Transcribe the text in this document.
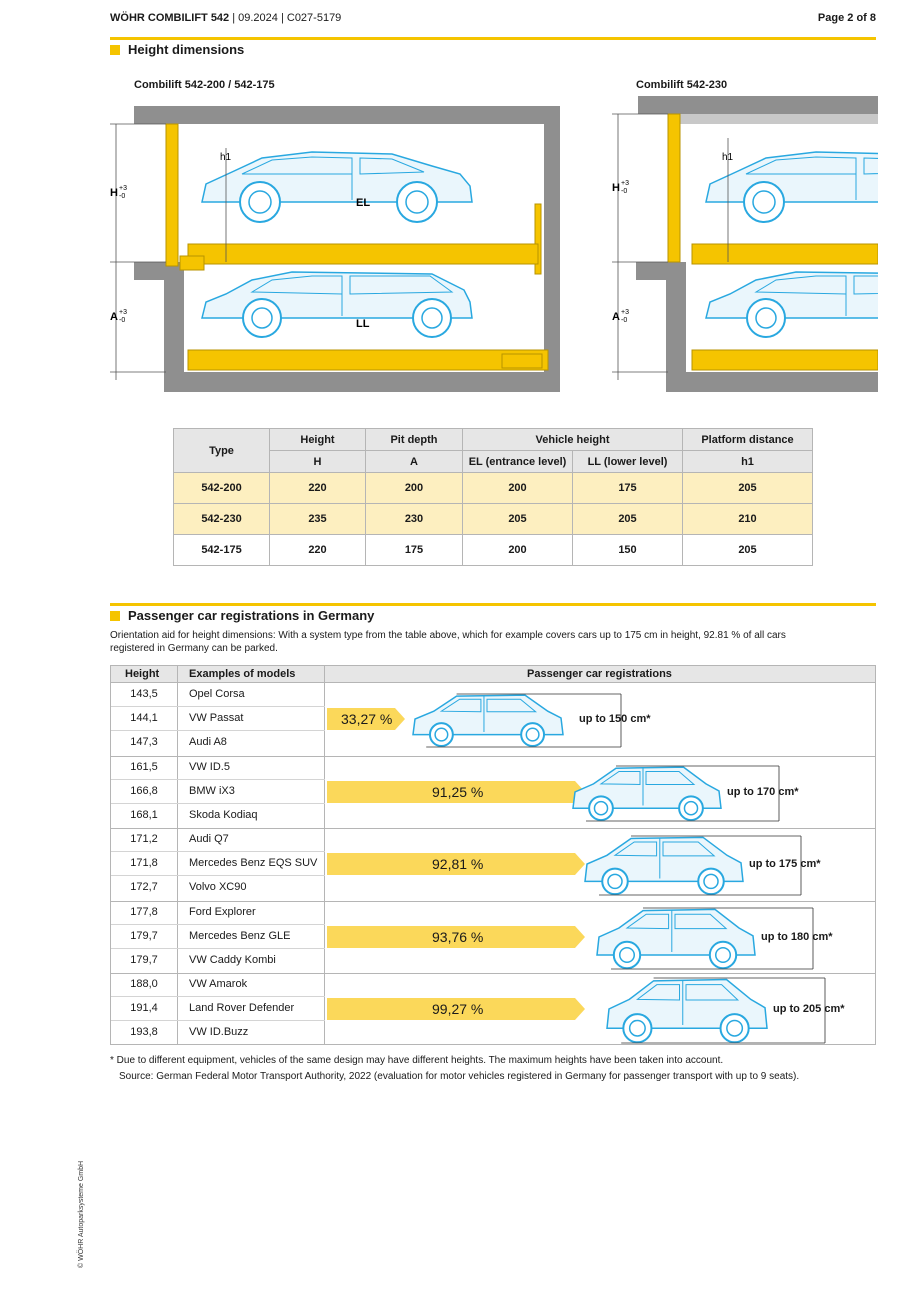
WÖHR COMBILIFT 542 | 09.2024 | C027-5179	Page 2 of 8
Height dimensions
Combilift 542-200 / 542-175	Combilift 542-230
h1	h1
EL
LL
H +3
-0
A +3
-0
H +3
-0
A +3
-0
Type	Height	Pit depth	Vehicle height		Platform distance
	H	A	EL (entrance level)	LL (lower level)	h1
542-200	220	200	200	175	205
542-230	235	230	205	205	210
542-175	220	175	200	150	205
Passenger car registrations in Germany
Orientation aid for height dimensions: With a system type from the table above, which for example covers cars up to 175 cm in height, 92.81 % of all cars registered in Germany can be parked.
Height	Examples of models	Passenger car registrations
143,5	Opel Corsa
144,1	VW Passat
147,3	Audi A8
33,27 %	up to 150 cm*
161,5	VW ID.5
166,8	BMW iX3
168,1	Skoda Kodiaq
91,25 %	up to 170 cm*
171,2	Audi Q7
171,8	Mercedes Benz EQS SUV
172,7	Volvo XC90
92,81 %	up to 175 cm*
177,8	Ford Explorer
179,7	Mercedes Benz GLE
179,7	VW Caddy Kombi
93,76 %	up to 180 cm*
188,0	VW Amarok
191,4	Land Rover Defender
193,8	VW ID.Buzz
99,27 %	up to 205 cm*
* Due to different equipment, vehicles of the same design may have different heights. The maximum heights have been taken into account.
Source: German Federal Motor Transport Authority, 2022 (evaluation for motor vehicles registered in Germany for passenger transport with up to 9 seats).
© WÖHR Autoparksysteme GmbH
